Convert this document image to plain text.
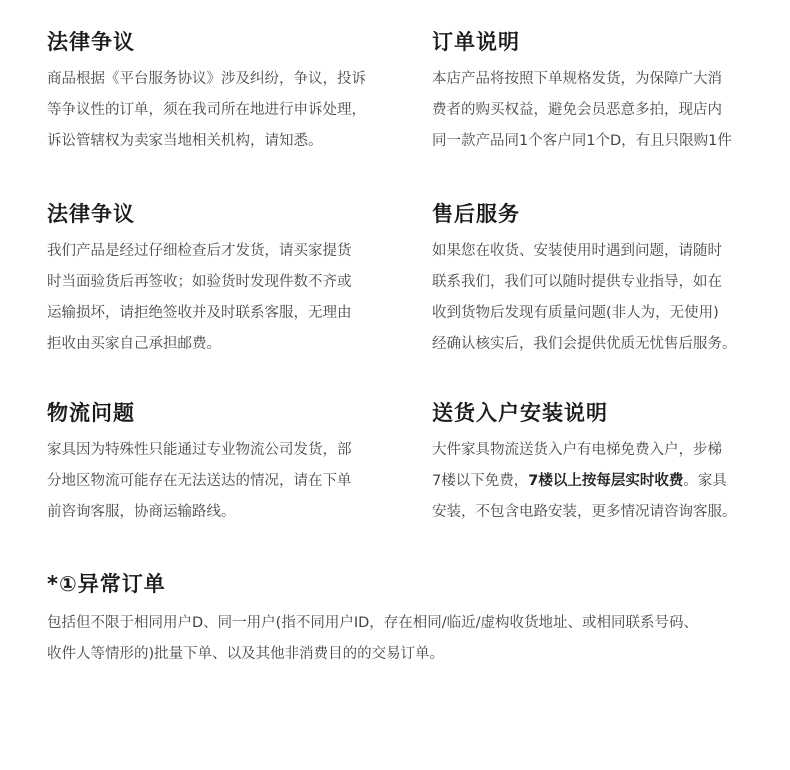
法律争议

商品根据《平台服务协议》涉及纠纷，争议，投诉
等争议性的订单，须在我司所在地进行申诉处理，
诉讼管辖权为卖家当地相关机构，请知悉。

订单说明

本店产品将按照下单规格发货，为保障广大消
费者的购买权益，避免会员恶意多拍，现店内
同一款产品同1个客户同1个D，有且只限购1件

法律争议

我们产品是经过仔细检查后才发货，请买家提货
时当面验货后再签收；如验货时发现件数不齐或
运输损坏，请拒绝签收并及时联系客服，无理由
拒收由买家自己承担邮费。

售后服务

如果您在收货、安装使用时遇到问题，请随时
联系我们，我们可以随时提供专业指导，如在
收到货物后发现有质量问题(非人为，无使用)
经确认核实后，我们会提供优质无忧售后服务。

物流问题

家具因为特殊性只能通过专业物流公司发货，部
分地区物流可能存在无法送达的情况，请在下单
前咨询客服，协商运输路线。

送货入户安装说明

大件家具物流送货入户有电梯免费入户，步梯
7楼以下免费，7楼以上按每层实时收费。家具
安装，不包含电路安装，更多情况请咨询客服。

*①异常订单

包括但不限于相同用户D、同一用户(指不同用户ID，存在相同/临近/虚构收货地址、或相同联系号码、
收件人等情形的)批量下单、以及其他非消费目的的交易订单。
